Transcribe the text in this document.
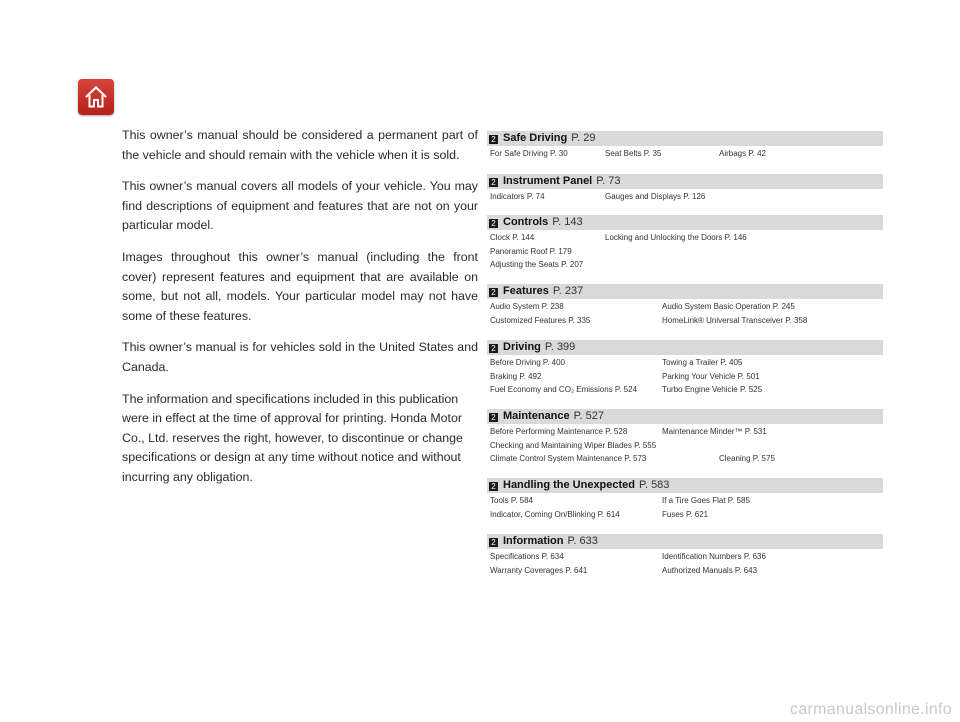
This owner’s manual should be considered a permanent part of the vehicle and should remain with the vehicle when it is sold.

This owner’s manual covers all models of your vehicle. You may find descriptions of equipment and features that are not on your particular model.

Images throughout this owner’s manual (including the front cover) represent features and equipment that are available on some, but not all, models. Your particular model may not have some of these features.

This owner’s manual is for vehicles sold in the United States and Canada.

The information and specifications included in this publication were in effect at the time of approval for printing. Honda Motor Co., Ltd. reserves the right, however, to discontinue or change specifications or design at any time without notice and without incurring any obligation.

2 Safe Driving P. 29
For Safe Driving P. 30	Seat Belts P. 35	Airbags P. 42
2 Instrument Panel P. 73
Indicators P. 74	Gauges and Displays P. 126
2 Controls P. 143
Clock P. 144	Locking and Unlocking the Doors P. 146
Panoramic Roof P. 179
Adjusting the Seats P. 207
2 Features P. 237
Audio System P. 238	Audio System Basic Operation P. 245
Customized Features P. 335	HomeLink® Universal Transceiver P. 358
2 Driving P. 399
Before Driving P. 400	Towing a Trailer P. 405
Braking P. 492	Parking Your Vehicle P. 501
Fuel Economy and CO₂ Emissions P. 524	Turbo Engine Vehicle P. 525
2 Maintenance P. 527
Before Performing Maintenance P. 528	Maintenance Minder™ P. 531
Checking and Maintaining Wiper Blades P. 555
Climate Control System Maintenance P. 573	Cleaning P. 575
2 Handling the Unexpected P. 583
Tools P. 584	If a Tire Goes Flat P. 585
Indicator, Coming On/Blinking P. 614	Fuses P. 621
2 Information P. 633
Specifications P. 634	Identification Numbers P. 636
Warranty Coverages P. 641	Authorized Manuals P. 643
carmanualsonline.info
